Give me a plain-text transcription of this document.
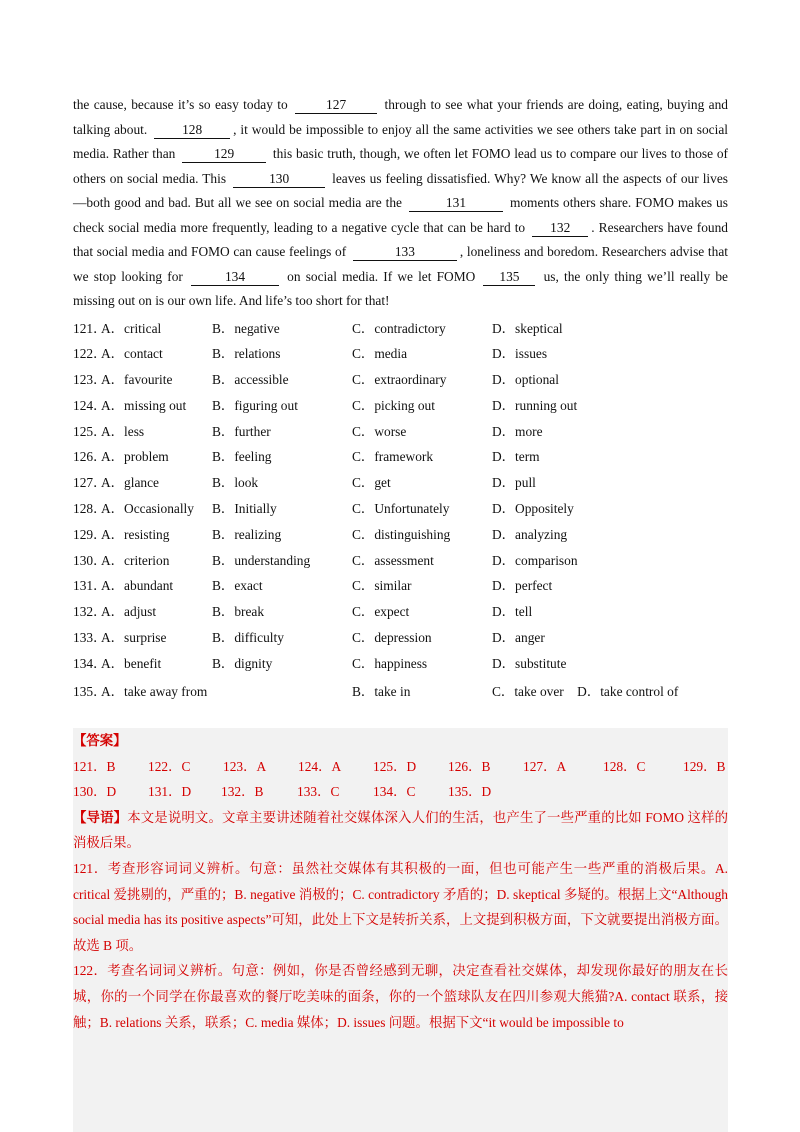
the cause, because it’s so easy today to	127	through to see what your friends are doing, eating, buying and talking about.	128 , it would be impossible to enjoy all the same activities we see others take part in on social media. Rather than	129	this basic truth, though, we often let FOMO lead us to compare our lives to those of others on social media. This	130	leaves us feeling dissatisfied. Why? We know all the aspects of our lives—both good and bad. But all we see on social media are the	131	moments others share. FOMO makes us check social media more frequently, leading to a negative cycle that can be hard to 132 . Researchers have found that social media and FOMO can cause feelings of	133	, loneliness and boredom. Researchers advise that we stop looking for	134	on social media. If we let FOMO 135 us, the only thing we’ll really be missing out on is our own life. And life’s too short for that!

121．
A．critical	B．negative	C．contradictory	D．skeptical
122．
A．contact	B．relations	C．media	D．issues
123．
A．favourite	B．accessible	C．extraordinary	D．optional
124．
A．missing out B．figuring out	C．picking out	D．running out
125．
A．less	B．further	C．worse	D．more
126．
A．problem	B．feeling	C．framework	D．term
127．
A．glance	B．look	C．get	D．pull
128．
A．Occasionally B．Initially	C．Unfortunately	D．Oppositely
129．
A．resisting	B．realizing	C．distinguishing	D．analyzing
130．
A．criterion	B．understanding	C．assessment	D．comparison
131．
A．abundant	B．exact	C．similar	D．perfect
132．
A．adjust	B．break	C．expect	D．tell
133．
A．surprise	B．difficulty	C．depression	D．anger
134．
A．benefit	B．dignity	C．happiness	D．substitute
135．
A．take away from	B．take in	C．take over　D．take control of
【答案】
121．B 122．C 123．A 124．A 125．D 126．B 127．A	128．C	129．B
130．D 131．D 132．B	133．C	134．C 135．D
【导语】本文是说明文。文章主要讲述随着社交媒体深入人们的生活，也产生了一些严重的比如 FOMO 这样的消极后果。
121．考查形容词词义辨析。句意：虽然社交媒体有其积极的一面，但也可能产生一些严重的消极后果。A. critical 爱挑剔的，严重的；B. negative 消极的；C. contradictory 矛盾的；D. skeptical 多疑的。根据上文“Although social media has its positive aspects”可知，此处上下文是转折关系，上文提到积极方面，下文就要提出消极方面。故选 B 项。
122．考查名词词义辨析。句意：例如，你是否曾经感到无聊，决定查看社交媒体，却发现你最好的朋友在长城，你的一个同学在你最喜欢的餐厅吃美味的面条，你的一个篮球队友在四川参观大熊猫?A. contact 联系，接触；B. relations 关系，联系；C. media 媒体；D. issues 问题。根据下文“it would be impossible to
